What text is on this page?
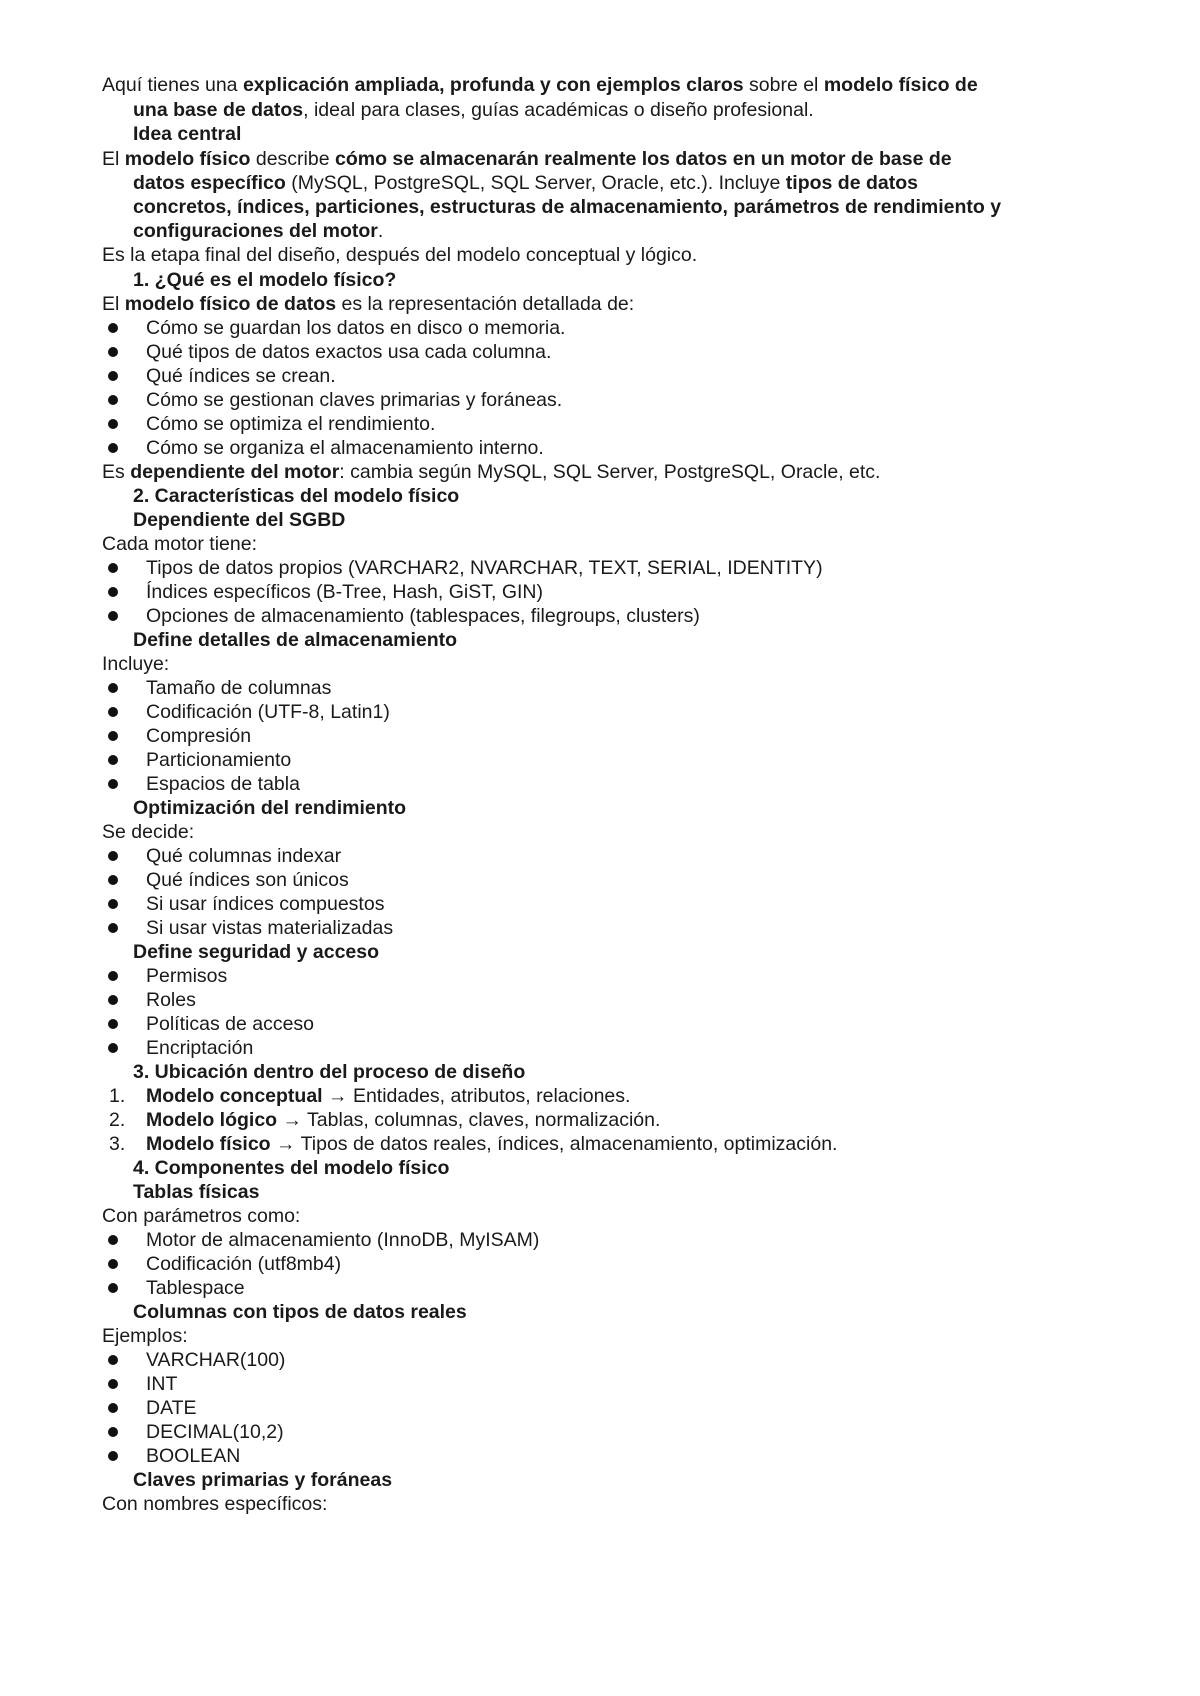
Aquí tienes una explicación ampliada, profunda y con ejemplos claros sobre el modelo físico de
una base de datos, ideal para clases, guías académicas o diseño profesional.
Idea central
El modelo físico describe cómo se almacenarán realmente los datos en un motor de base de
datos específico (MySQL, PostgreSQL, SQL Server, Oracle, etc.). Incluye tipos de datos
concretos, índices, particiones, estructuras de almacenamiento, parámetros de rendimiento y
configuraciones del motor.
Es la etapa final del diseño, después del modelo conceptual y lógico.
1. ¿Qué es el modelo físico?
El modelo físico de datos es la representación detallada de:
Cómo se guardan los datos en disco o memoria.
Qué tipos de datos exactos usa cada columna.
Qué índices se crean.
Cómo se gestionan claves primarias y foráneas.
Cómo se optimiza el rendimiento.
Cómo se organiza el almacenamiento interno.
Es dependiente del motor: cambia según MySQL, SQL Server, PostgreSQL, Oracle, etc.
2. Características del modelo físico
Dependiente del SGBD
Cada motor tiene:
Tipos de datos propios (VARCHAR2, NVARCHAR, TEXT, SERIAL, IDENTITY)
Índices específicos (B-Tree, Hash, GiST, GIN)
Opciones de almacenamiento (tablespaces, filegroups, clusters)
Define detalles de almacenamiento
Incluye:
Tamaño de columnas
Codificación (UTF-8, Latin1)
Compresión
Particionamiento
Espacios de tabla
Optimización del rendimiento
Se decide:
Qué columnas indexar
Qué índices son únicos
Si usar índices compuestos
Si usar vistas materializadas
Define seguridad y acceso
Permisos
Roles
Políticas de acceso
Encriptación
3. Ubicación dentro del proceso de diseño
1. Modelo conceptual → Entidades, atributos, relaciones.
2. Modelo lógico → Tablas, columnas, claves, normalización.
3. Modelo físico → Tipos de datos reales, índices, almacenamiento, optimización.
4. Componentes del modelo físico
Tablas físicas
Con parámetros como:
Motor de almacenamiento (InnoDB, MyISAM)
Codificación (utf8mb4)
Tablespace
Columnas con tipos de datos reales
Ejemplos:
VARCHAR(100)
INT
DATE
DECIMAL(10,2)
BOOLEAN
Claves primarias y foráneas
Con nombres específicos:
